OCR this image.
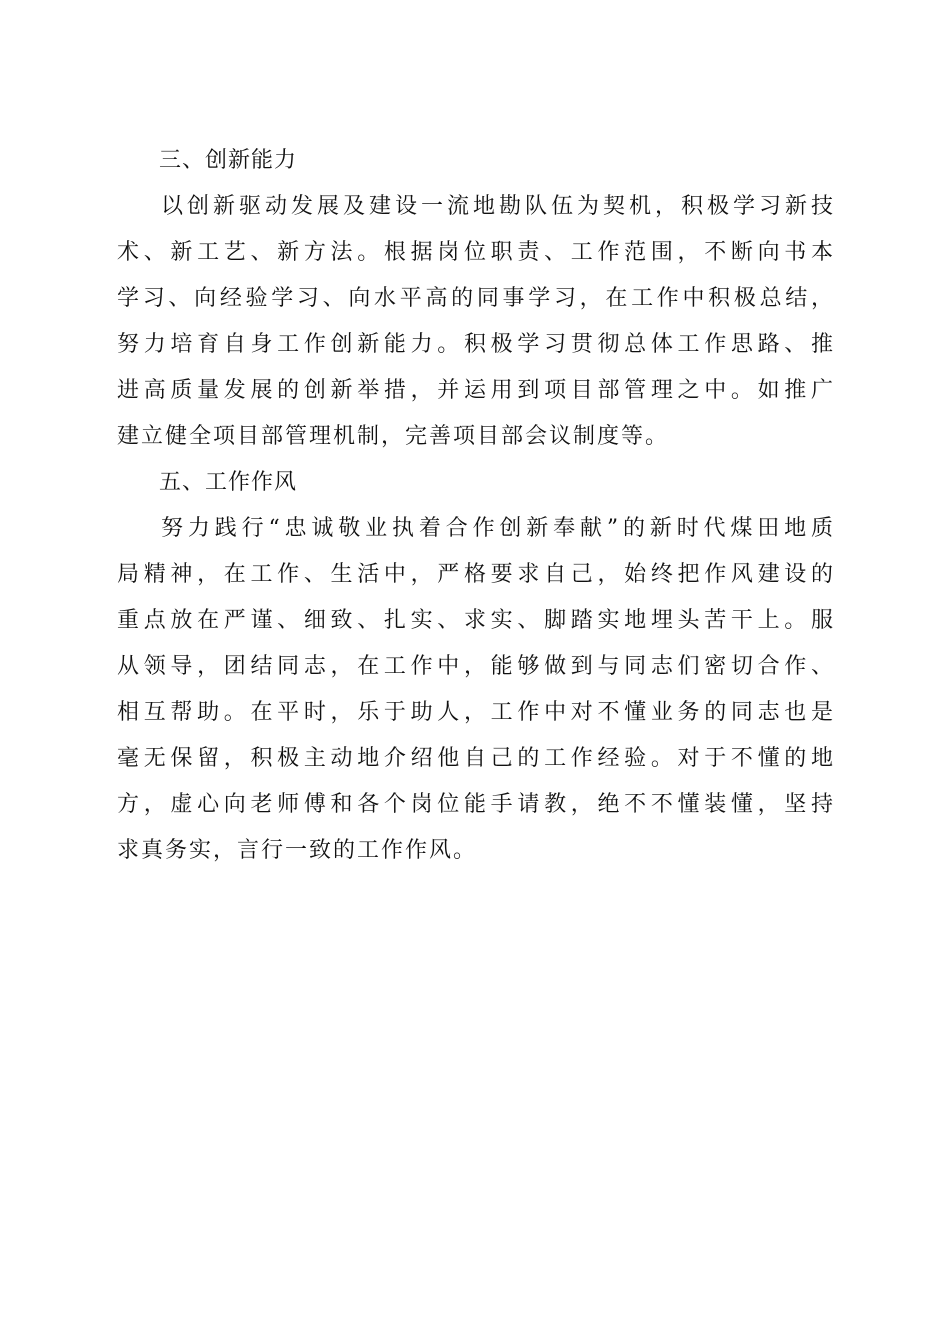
三、创新能力
以创新驱动发展及建设一流地勘队伍为契机，积极学习新技
术、新工艺、新方法。根据岗位职责、工作范围，不断向书本
学习、向经验学习、向水平高的同事学习，在工作中积极总结，
努力培育自身工作创新能力。积极学习贯彻总体工作思路、推
进高质量发展的创新举措，并运用到项目部管理之中。如推广
建立健全项目部管理机制，完善项目部会议制度等。
五、工作作风
努力践行“忠诚敬业执着合作创新奉献”的新时代煤田地质
局精神，在工作、生活中，严格要求自己，始终把作风建设的
重点放在严谨、细致、扎实、求实、脚踏实地埋头苦干上。服
从领导，团结同志，在工作中，能够做到与同志们密切合作、
相互帮助。在平时，乐于助人，工作中对不懂业务的同志也是
毫无保留，积极主动地介绍他自己的工作经验。对于不懂的地
方，虚心向老师傅和各个岗位能手请教，绝不不懂装懂，坚持
求真务实，言行一致的工作作风。
